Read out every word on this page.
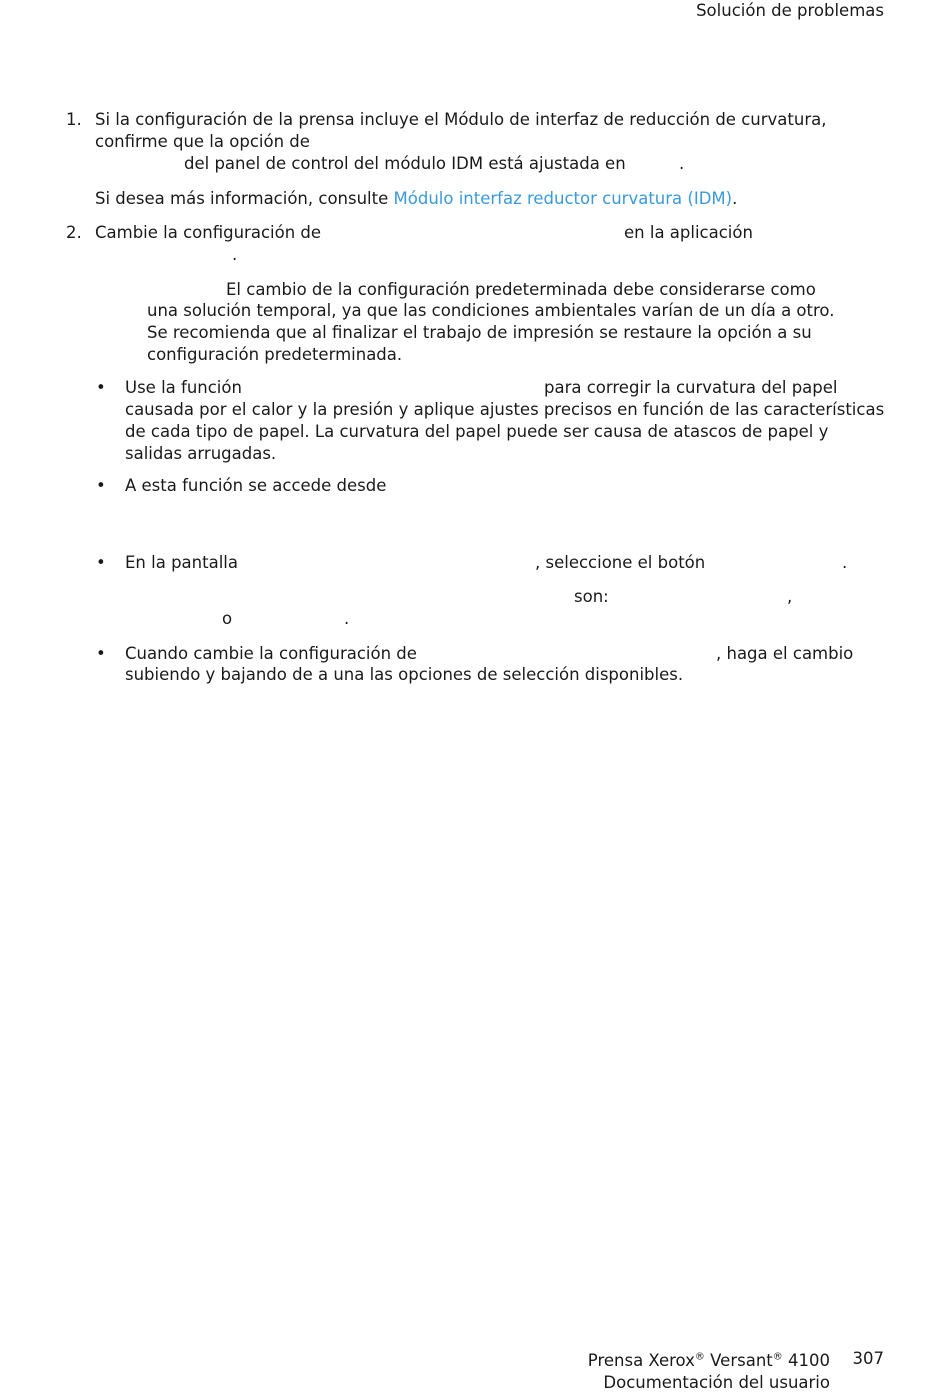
Solución de problemas
1. Si la configuración de la prensa incluye el Módulo de interfaz de reducción de curvatura,
confirme que la opción de
del panel de control del módulo IDM está ajustada en	.
Si desea más información, consulte Módulo interfaz reductor curvatura (IDM).
2. Cambie la configuración de	en la aplicación
.
El cambio de la configuración predeterminada debe considerarse como
una solución temporal, ya que las condiciones ambientales varían de un día a otro.
Se recomienda que al finalizar el trabajo de impresión se restaure la opción a su
configuración predeterminada.
• Use la función	para corregir la curvatura del papel
causada por el calor y la presión y aplique ajustes precisos en función de las características
de cada tipo de papel. La curvatura del papel puede ser causa de atascos de papel y
salidas arrugadas.
• A esta función se accede desde
• En la pantalla	, seleccione el botón	.
son:	,
o	.
• Cuando cambie la configuración de	, haga el cambio
subiendo y bajando de a una las opciones de selección disponibles.
Prensa Xerox® Versant® 4100
Documentación del usuario
307
